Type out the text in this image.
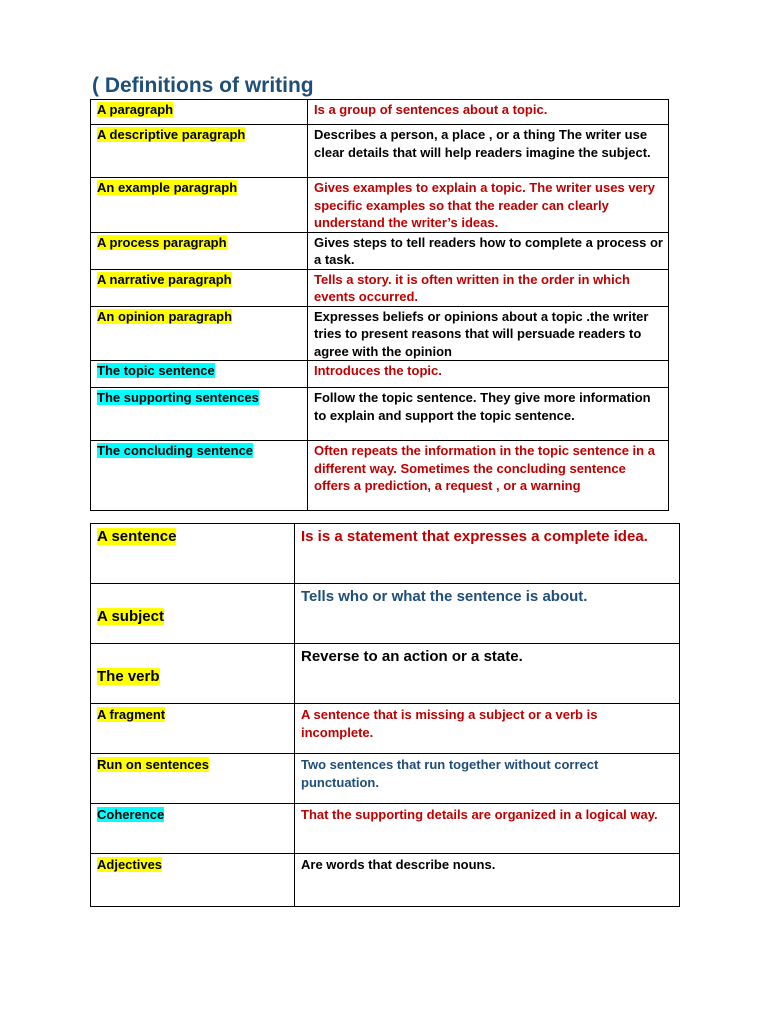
( Definitions of writing
A paragraph	Is a group of sentences about a topic.
A descriptive paragraph	Describes a person, a place , or a thing The writer use clear details that will help readers imagine the subject.
An example paragraph	Gives examples to explain a topic. The writer uses very specific examples so that the reader can clearly understand the writer’s ideas.
A process paragraph	Gives steps to tell readers how to complete a process or a task.
A narrative paragraph	Tells a story. it is often written in the order in which events occurred.
An opinion paragraph	Expresses beliefs or opinions about a topic .the writer tries to present reasons that will persuade readers to agree with the opinion
The topic sentence	Introduces the topic.
The supporting sentences	Follow the topic sentence. They give more information to explain and support the topic sentence.
The concluding sentence	Often repeats the information in the topic sentence in a different way. Sometimes the concluding sentence offers a prediction, a request , or a warning
A sentence	Is is a statement that expresses a complete idea.
A subject	Tells who or what the sentence is about.
The verb	Reverse to an action or a state.
A fragment	A sentence that is missing a subject or a verb is incomplete.
Run on sentences	Two sentences that run together without correct punctuation.
Coherence	That the supporting details are organized in a logical way.
Adjectives	Are words that describe nouns.
